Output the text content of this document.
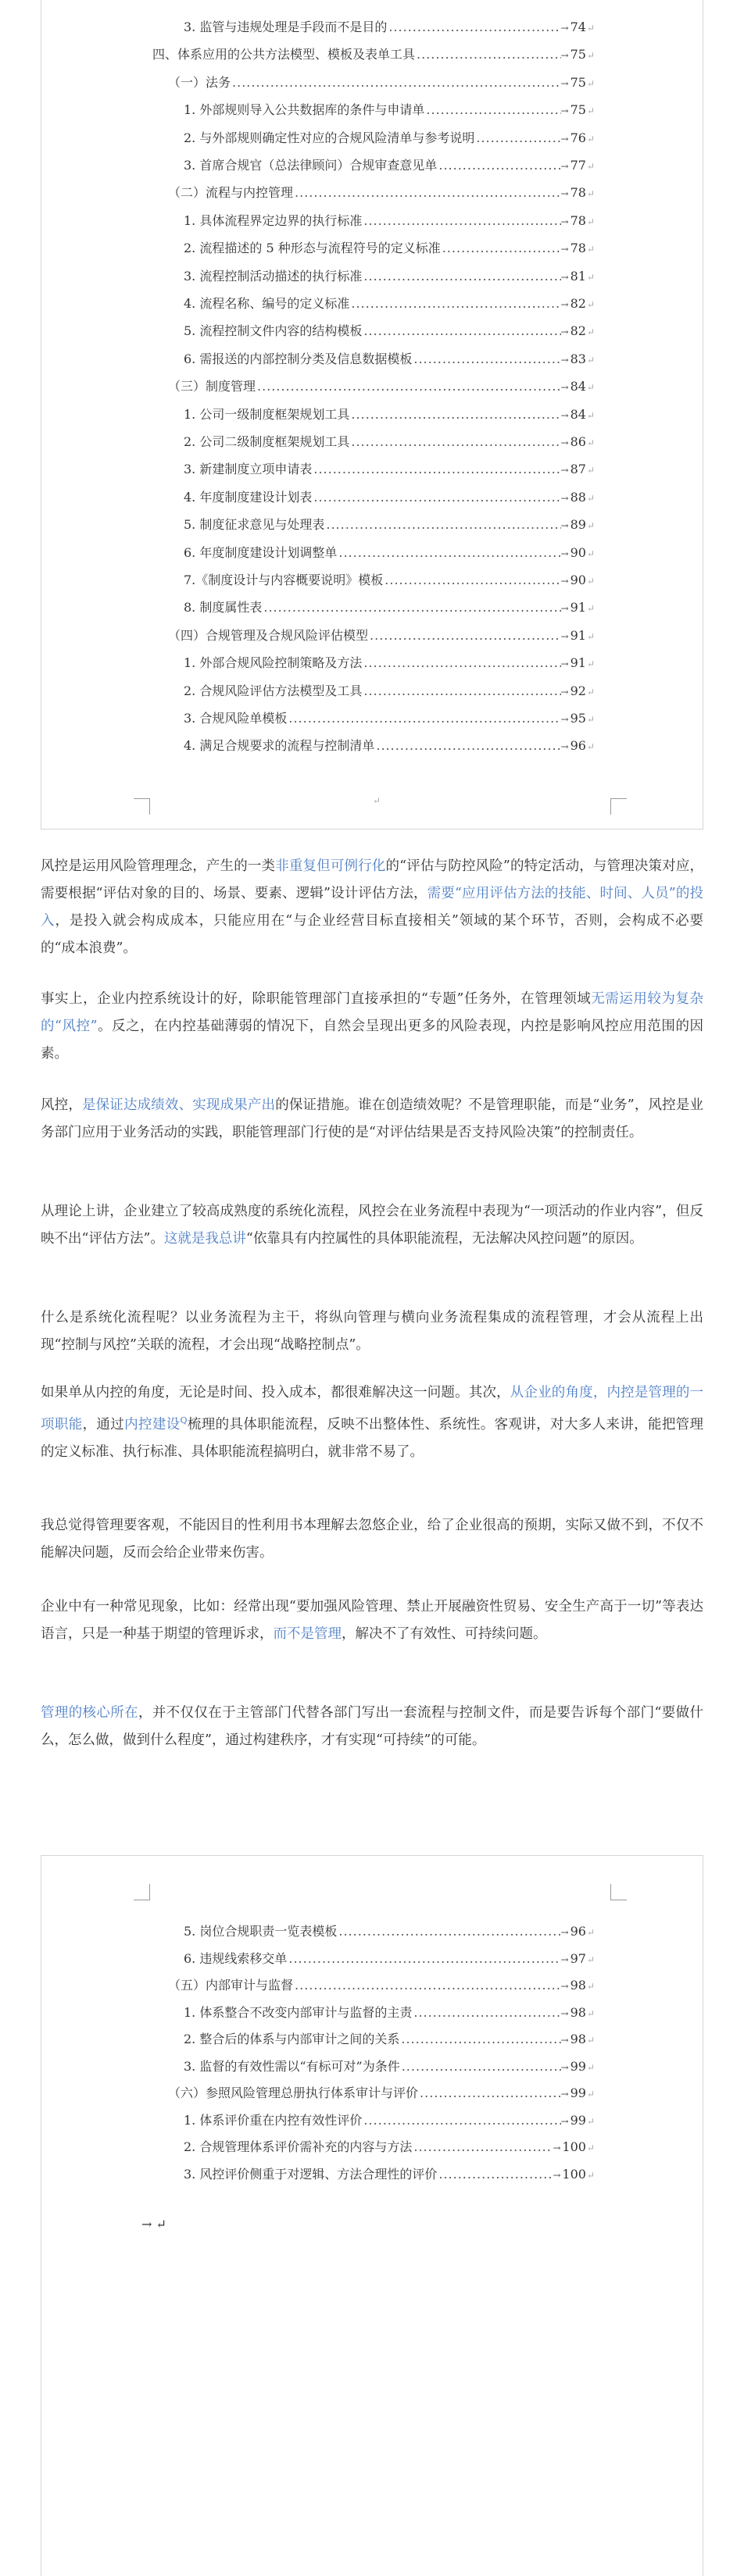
3. 监管与违规处理是手段而不是目的 .....	→ 74 ↵
四、体系应用的公共方法模型、模板及表单工具 .....	→ 75 ↵
（一）法务 .....	→ 75 ↵
1. 外部规则导入公共数据库的条件与申请单 .....	→ 75 ↵
2. 与外部规则确定性对应的合规风险清单与参考说明 .....	→ 76 ↵
3. 首席合规官（总法律顾问）合规审查意见单 .....	→ 77 ↵
（二）流程与内控管理 .....	→ 78 ↵
1. 具体流程界定边界的执行标准 .....	→ 78 ↵
2. 流程描述的 5 种形态与流程符号的定义标准 .....	→ 78 ↵
3. 流程控制活动描述的执行标准 .....	→ 81 ↵
4. 流程名称、编号的定义标准 .....	→ 82 ↵
5. 流程控制文件内容的结构模板 .....	→ 82 ↵
6. 需报送的内部控制分类及信息数据模板 .....	→ 83 ↵
（三）制度管理 .....	→ 84 ↵
1. 公司一级制度框架规划工具 .....	→ 84 ↵
2. 公司二级制度框架规划工具 .....	→ 86 ↵
3. 新建制度立项申请表 .....	→ 87 ↵
4. 年度制度建设计划表 .....	→ 88 ↵
5. 制度征求意见与处理表 .....	→ 89 ↵
6. 年度制度建设计划调整单 .....	→ 90 ↵
7.《制度设计与内容概要说明》模板 .....	→ 90 ↵
8. 制度属性表 .....	→ 91 ↵
（四）合规管理及合规风险评估模型 .....	→ 91 ↵
1. 外部合规风险控制策略及方法 .....	→ 91 ↵
2. 合规风险评估方法模型及工具 .....	→ 92 ↵
3. 合规风险单模板 .....	→ 95 ↵
4. 满足合规要求的流程与控制清单 .....	→ 96 ↵
↵

风控是运用风险管理理念，产生的一类非重复但可例行化的“评估与防控风险”的特定活动，与管理决策对应，需要根据“评估对象的目的、场景、要素、逻辑”设计评估方法，需要“应用评估方法的技能、时间、人员”的投入，是投入就会构成成本，只能应用在“与企业经营目标直接相关”领域的某个环节，否则，会构成不必要的“成本浪费”。

事实上，企业内控系统设计的好，除职能管理部门直接承担的“专题”任务外，在管理领域无需运用较为复杂的“风控”。反之，在内控基础薄弱的情况下，自然会呈现出更多的风险表现，内控是影响风控应用范围的因素。

风控，是保证达成绩效、实现成果产出的保证措施。谁在创造绩效呢？不是管理职能，而是“业务”，风控是业务部门应用于业务活动的实践，职能管理部门行使的是“对评估结果是否支持风险决策”的控制责任。

从理论上讲，企业建立了较高成熟度的系统化流程，风控会在业务流程中表现为“一项活动的作业内容”，但反映不出“评估方法”。这就是我总讲“依靠具有内控属性的具体职能流程，无法解决风控问题”的原因。

什么是系统化流程呢？以业务流程为主干，将纵向管理与横向业务流程集成的流程管理，才会从流程上出现“控制与风控”关联的流程，才会出现“战略控制点”。

如果单从内控的角度，无论是时间、投入成本，都很难解决这一问题。其次，从企业的角度，内控是管理的一项职能，通过内控建设$^Q$梳理的具体职能流程，反映不出整体性、系统性。客观讲，对大多人来讲，能把管理的定义标准、执行标准、具体职能流程搞明白，就非常不易了。

我总觉得管理要客观，不能因目的性利用书本理解去忽悠企业，给了企业很高的预期，实际又做不到，不仅不能解决问题，反而会给企业带来伤害。

企业中有一种常见现象，比如：经常出现“要加强风险管理、禁止开展融资性贸易、安全生产高于一切”等表达语言，只是一种基于期望的管理诉求，而不是管理，解决不了有效性、可持续问题。

管理的核心所在，并不仅仅在于主管部门代替各部门写出一套流程与控制文件，而是要告诉每个部门“要做什么，怎么做，做到什么程度”，通过构建秩序，才有实现“可持续”的可能。

5. 岗位合规职责一览表模板 .....	→ 96 ↵
6. 违规线索移交单 .....	→ 97 ↵
（五）内部审计与监督 .....	→ 98 ↵
1. 体系整合不改变内部审计与监督的主责 .....	→ 98 ↵
2. 整合后的体系与内部审计之间的关系 .....	→ 98 ↵
3. 监督的有效性需以“有标可对”为条件 .....	→ 99 ↵
（六）参照风险管理总册执行体系审计与评价 .....	→ 99 ↵
1. 体系评价重在内控有效性评价 .....	→ 99 ↵
2. 合规管理体系评价需补充的内容与方法 .....	→ 100 ↵
3. 风控评价侧重于对逻辑、方法合理性的评价 .....	→ 100 ↵
→ ↵
